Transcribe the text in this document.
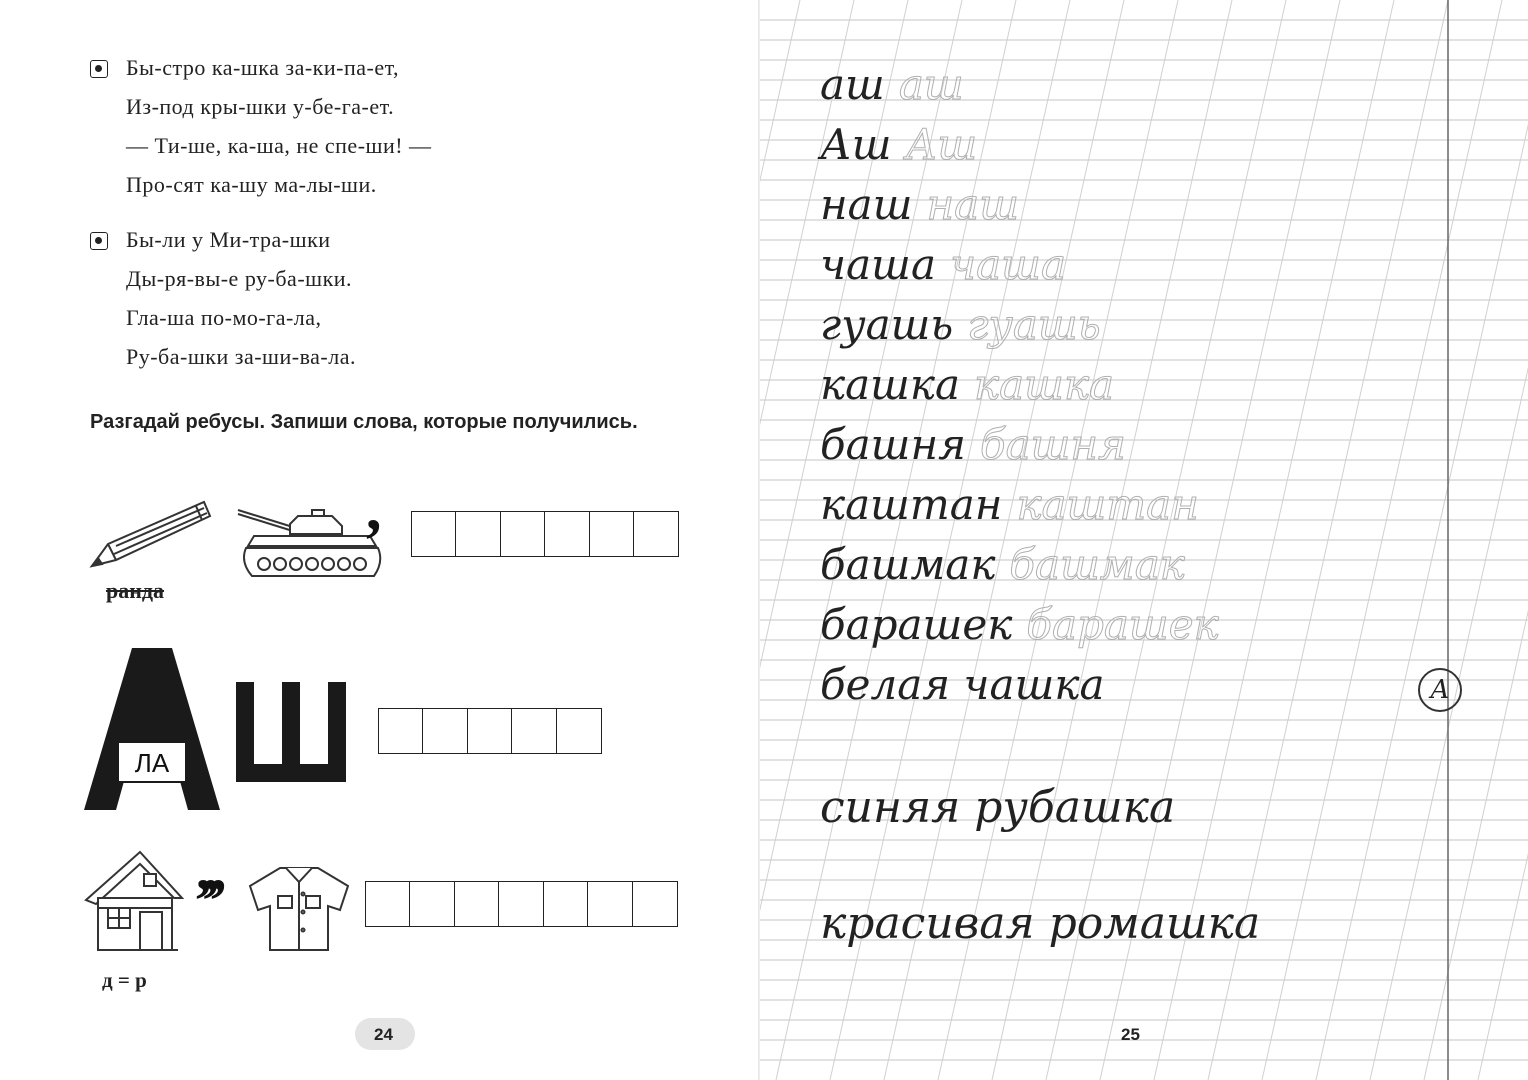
Бы-стро ка-шка за-ки-па-ет,
Из-под кры-шки у-бе-га-ет.
— Ти-ше, ка-ша, не спе-ши! —
Про-сят ка-шу ма-лы-ши.
Бы-ли у Ми-тра-шки
Ды-ря-вы-е ру-ба-шки.
Гла-ша по-мо-га-ла,
Ру-ба-шки за-ши-ва-ла.
Разгадай ребусы. Запиши слова, которые получились.
,
ранда
ЛА
,,,
д = р
24
А
аш аш
Аш Аш
наш наш
чаша чаша
гуашь гуашь
кашка кашка
башня башня
каштан каштан
башмак башмак
барашек барашек
белая чашка
синяя рубашка
красивая ромашка
25
